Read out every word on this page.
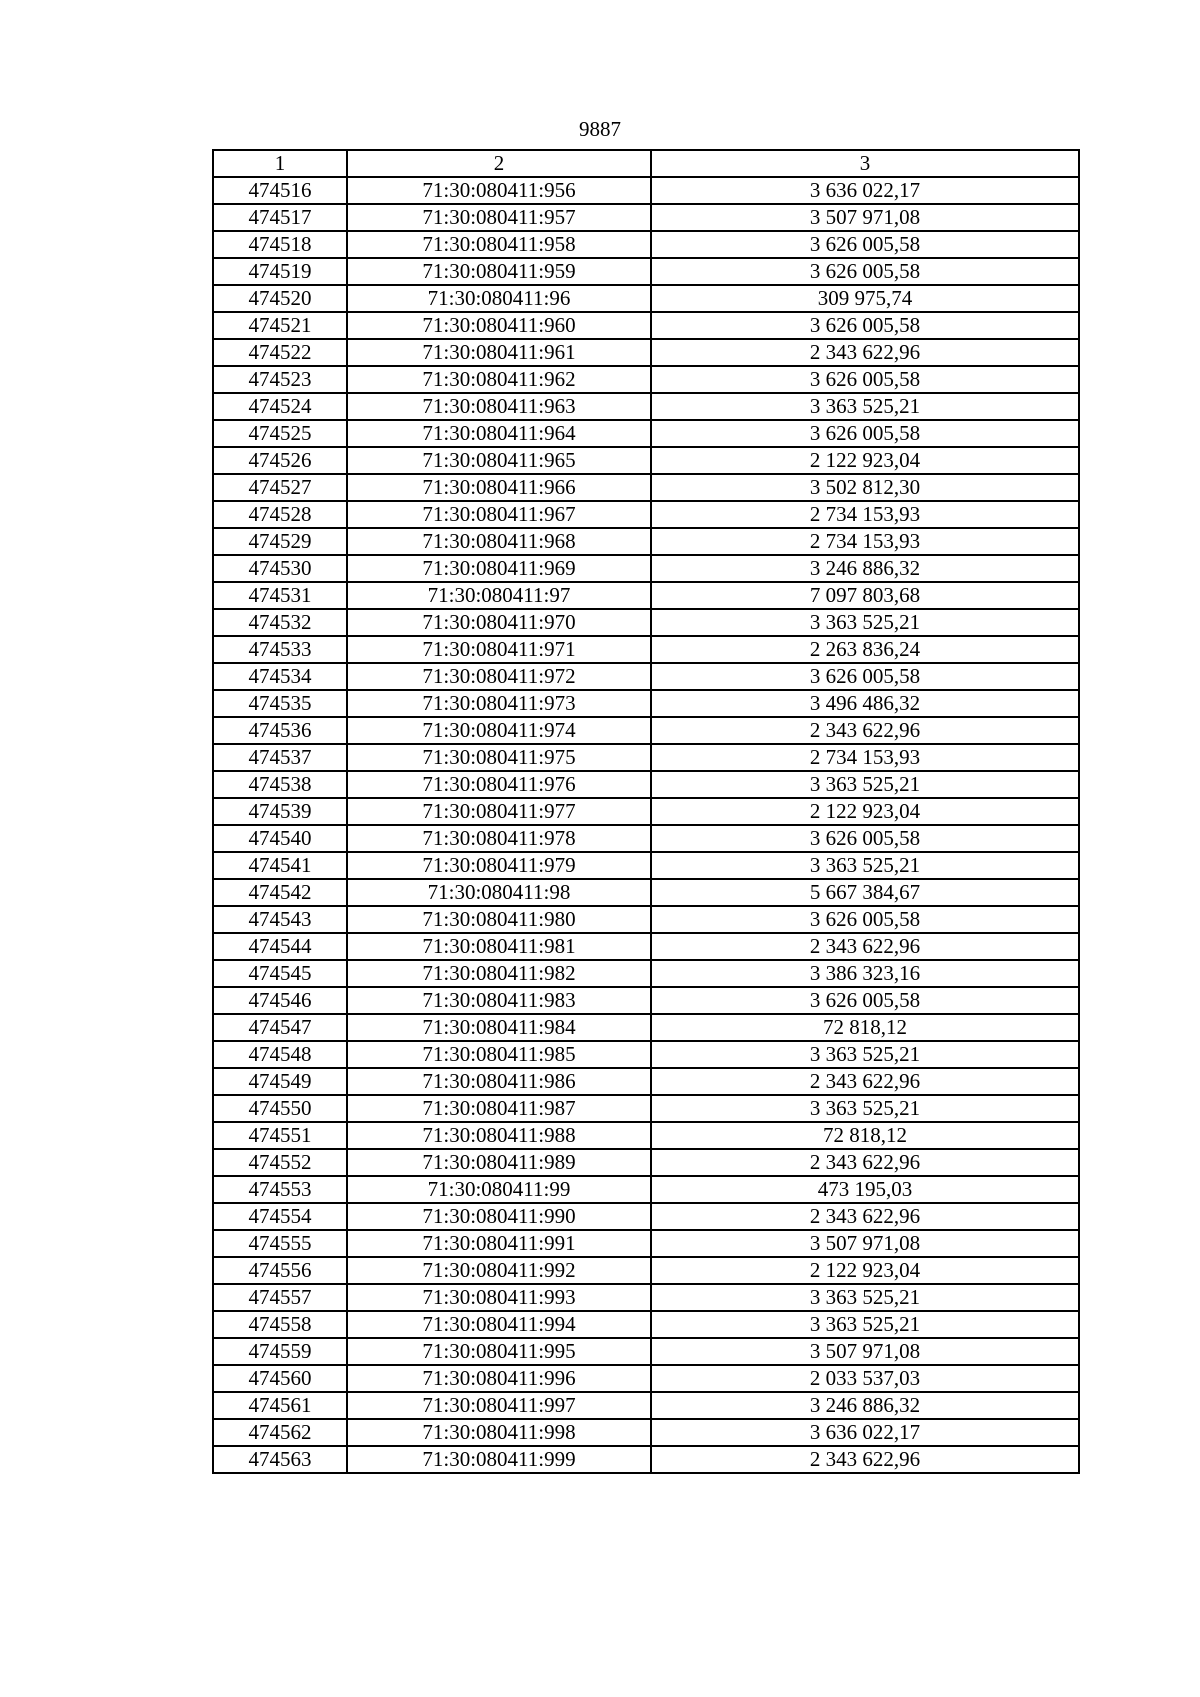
9887
1	2	3
474516	71:30:080411:956	3 636 022,17
474517	71:30:080411:957	3 507 971,08
474518	71:30:080411:958	3 626 005,58
474519	71:30:080411:959	3 626 005,58
474520	71:30:080411:96	309 975,74
474521	71:30:080411:960	3 626 005,58
474522	71:30:080411:961	2 343 622,96
474523	71:30:080411:962	3 626 005,58
474524	71:30:080411:963	3 363 525,21
474525	71:30:080411:964	3 626 005,58
474526	71:30:080411:965	2 122 923,04
474527	71:30:080411:966	3 502 812,30
474528	71:30:080411:967	2 734 153,93
474529	71:30:080411:968	2 734 153,93
474530	71:30:080411:969	3 246 886,32
474531	71:30:080411:97	7 097 803,68
474532	71:30:080411:970	3 363 525,21
474533	71:30:080411:971	2 263 836,24
474534	71:30:080411:972	3 626 005,58
474535	71:30:080411:973	3 496 486,32
474536	71:30:080411:974	2 343 622,96
474537	71:30:080411:975	2 734 153,93
474538	71:30:080411:976	3 363 525,21
474539	71:30:080411:977	2 122 923,04
474540	71:30:080411:978	3 626 005,58
474541	71:30:080411:979	3 363 525,21
474542	71:30:080411:98	5 667 384,67
474543	71:30:080411:980	3 626 005,58
474544	71:30:080411:981	2 343 622,96
474545	71:30:080411:982	3 386 323,16
474546	71:30:080411:983	3 626 005,58
474547	71:30:080411:984	72 818,12
474548	71:30:080411:985	3 363 525,21
474549	71:30:080411:986	2 343 622,96
474550	71:30:080411:987	3 363 525,21
474551	71:30:080411:988	72 818,12
474552	71:30:080411:989	2 343 622,96
474553	71:30:080411:99	473 195,03
474554	71:30:080411:990	2 343 622,96
474555	71:30:080411:991	3 507 971,08
474556	71:30:080411:992	2 122 923,04
474557	71:30:080411:993	3 363 525,21
474558	71:30:080411:994	3 363 525,21
474559	71:30:080411:995	3 507 971,08
474560	71:30:080411:996	2 033 537,03
474561	71:30:080411:997	3 246 886,32
474562	71:30:080411:998	3 636 022,17
474563	71:30:080411:999	2 343 622,96
